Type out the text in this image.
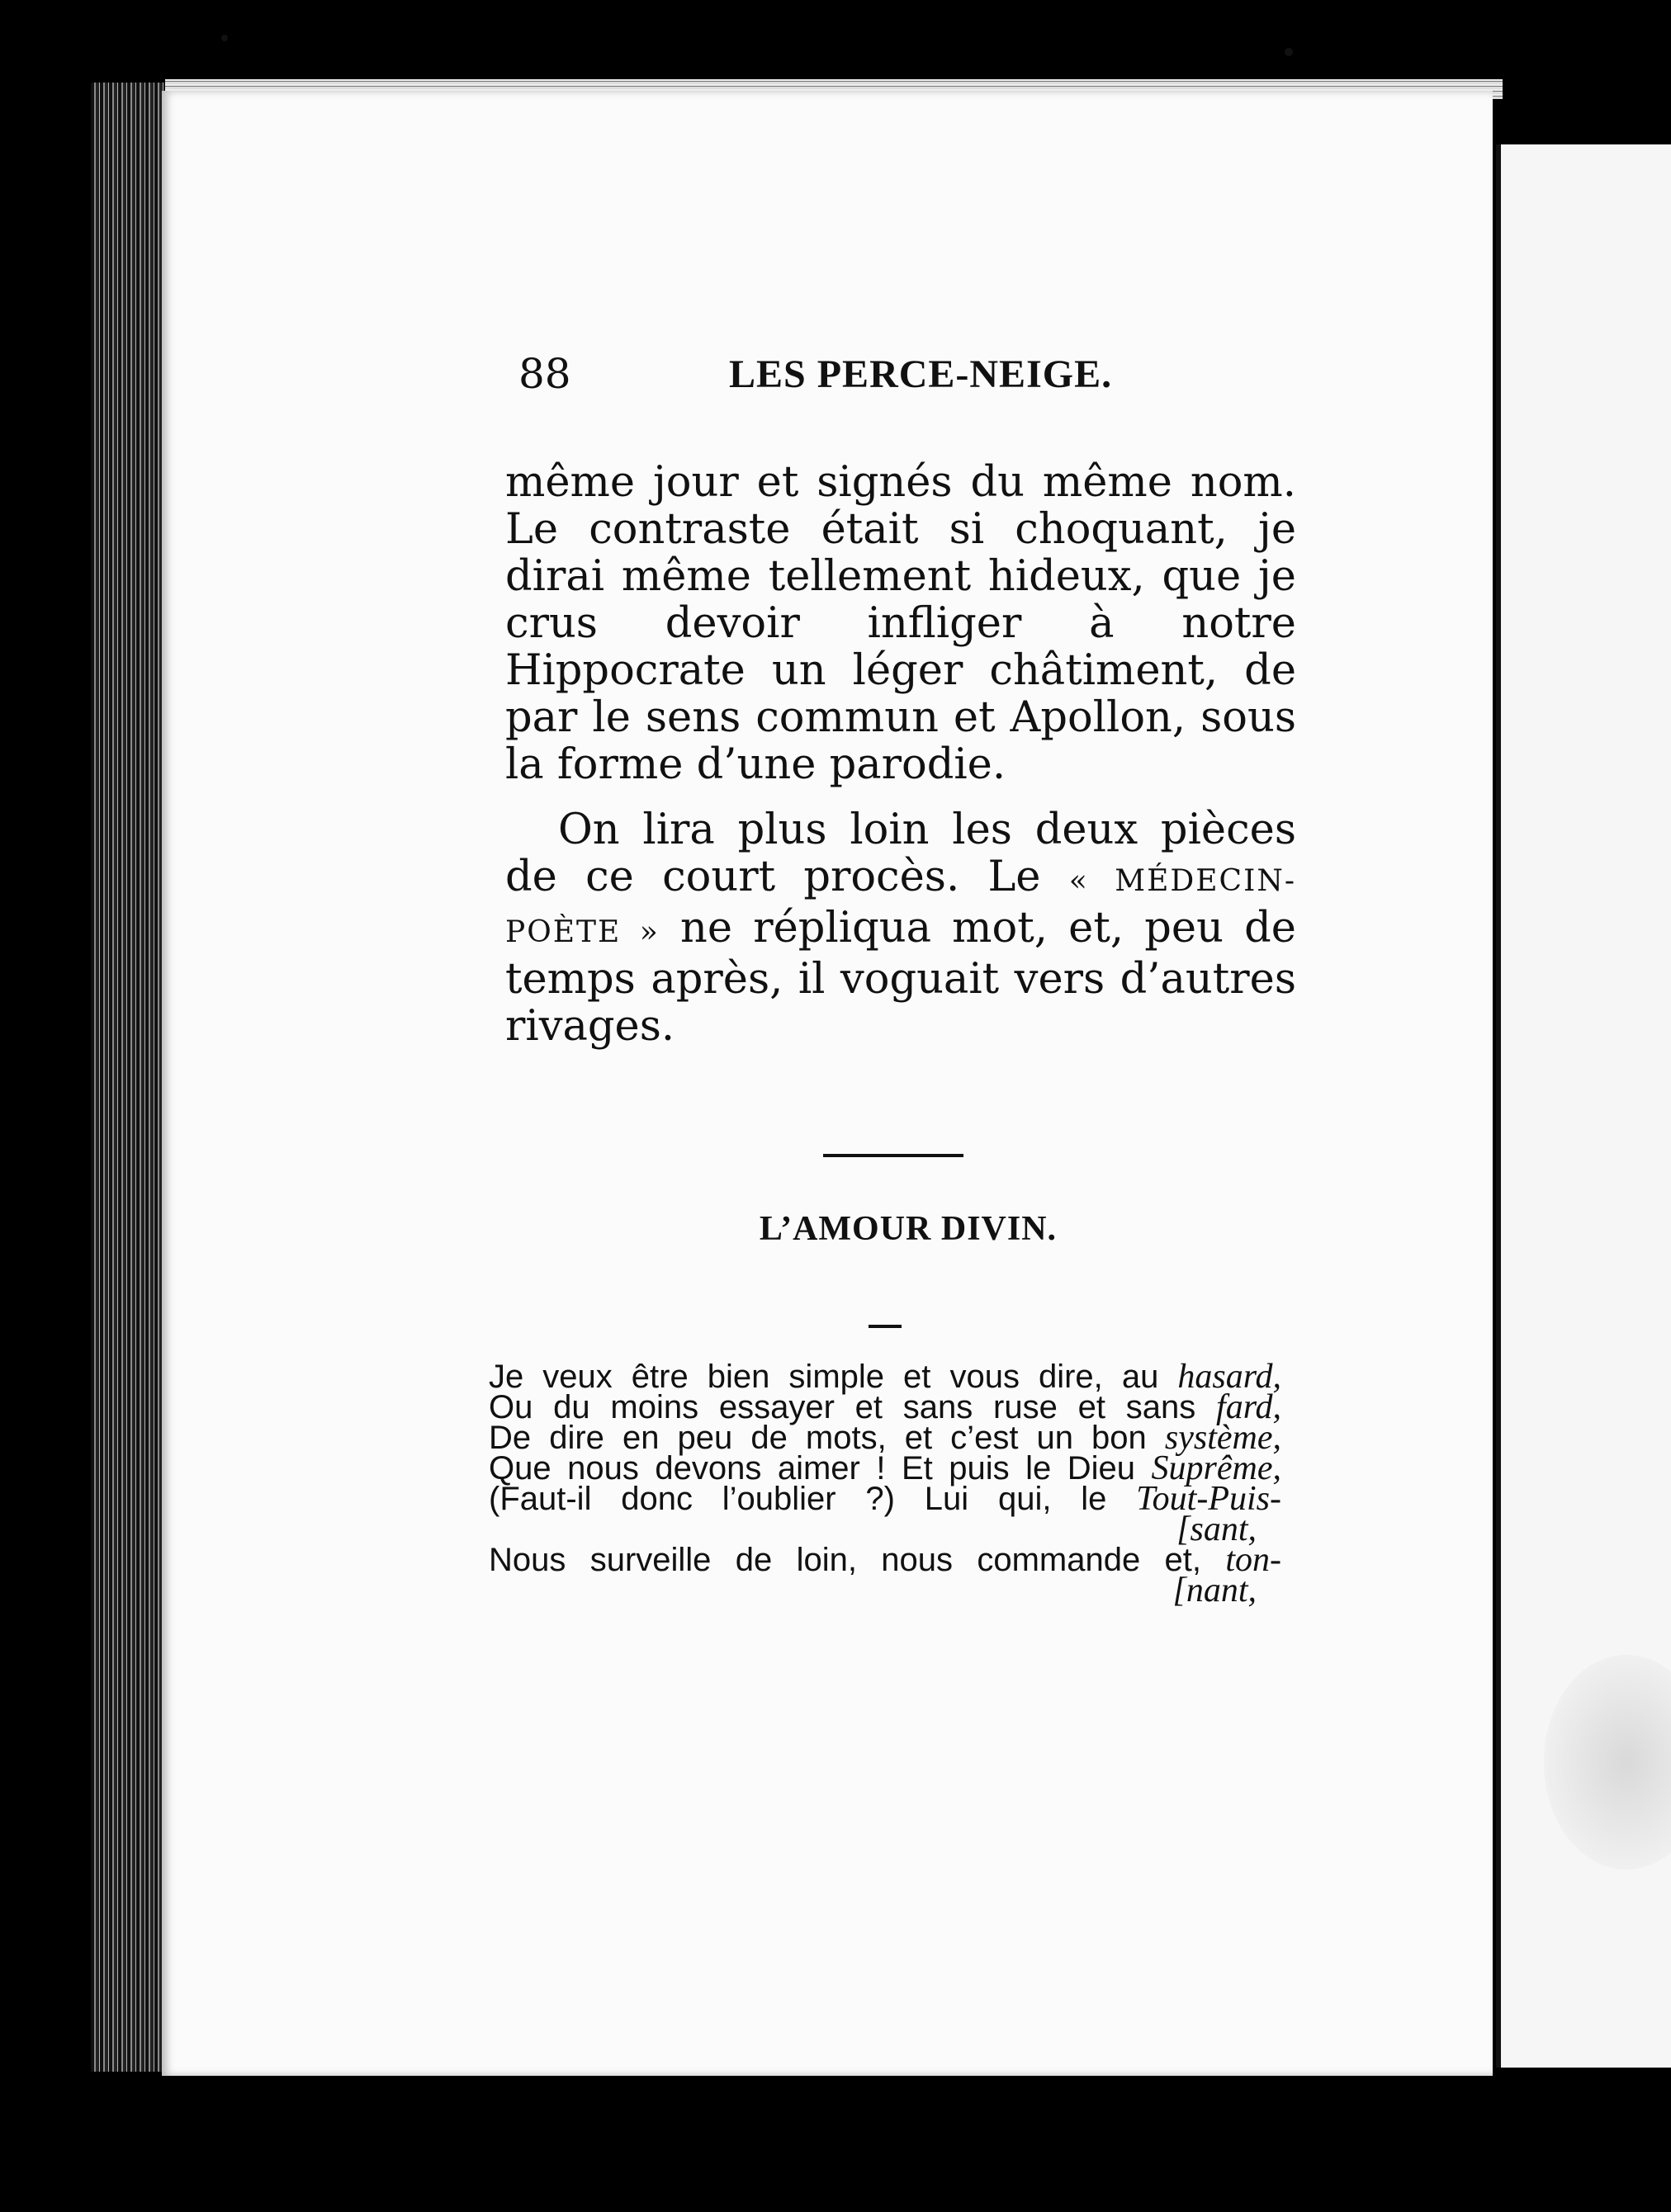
88	LES PERCE-NEIGE.

même jour et signés du même nom. Le contraste était si choquant, je dirai même tellement hideux, que je crus devoir infliger à notre Hippocrate un léger châtiment, de par le sens commun et Apollon, sous la forme d’une parodie.

On lira plus loin les deux pièces de ce court procès. Le « MÉDECIN-POÈTE » ne répliqua mot, et, peu de temps après, il voguait vers d’autres rivages.

L’AMOUR DIVIN.
Je veux être bien simple et vous dire, au hasard,
Ou du moins essayer et sans ruse et sans fard,
De dire en peu de mots, et c’est un bon système,
Que nous devons aimer ! Et puis le Dieu Suprême,
(Faut-il donc l’oublier ?) Lui qui, le Tout-Puis-
[sant,
Nous surveille de loin, nous commande et, ton-
[nant,
